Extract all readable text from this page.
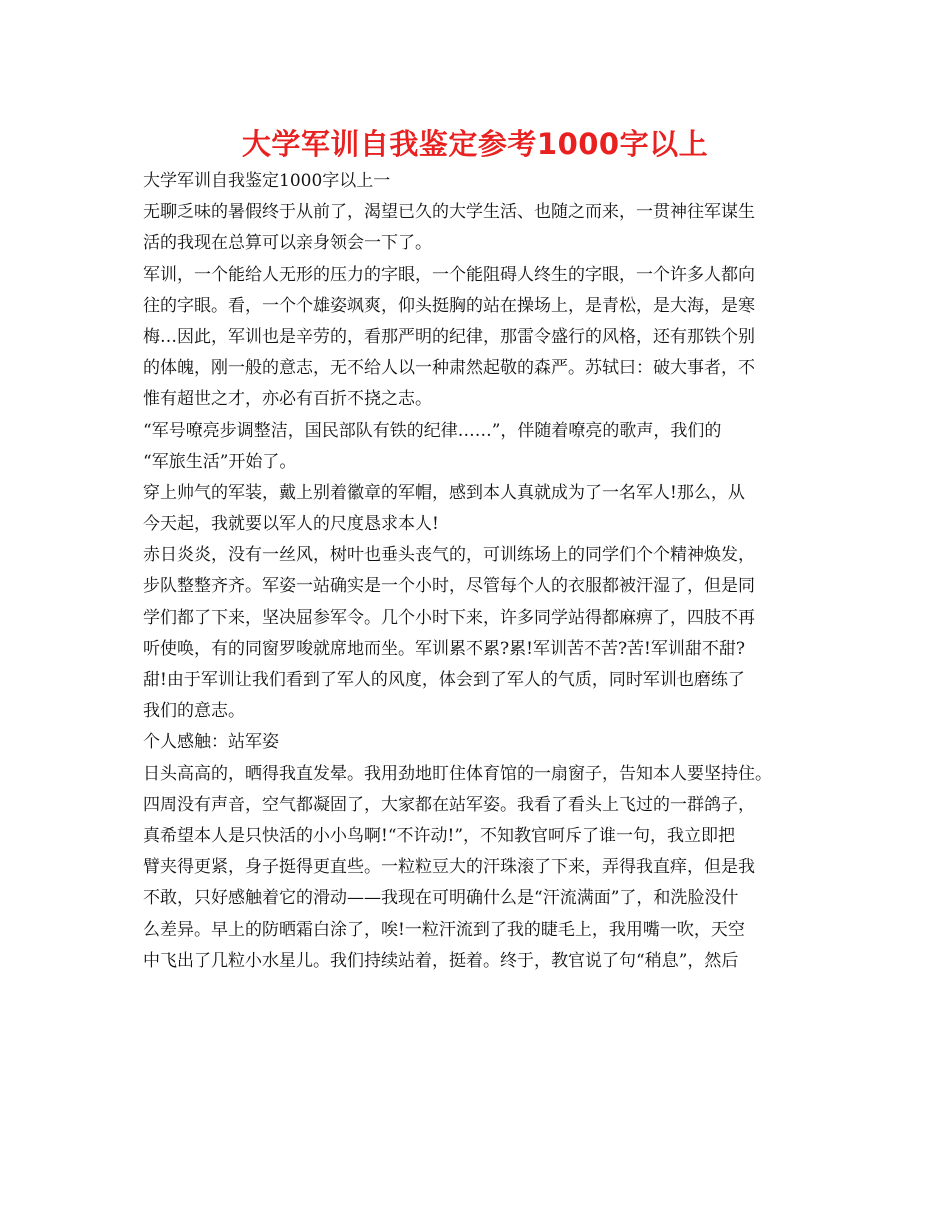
大学军训自我鉴定参考1000字以上
大学军训自我鉴定1000字以上一
无聊乏味的暑假终于从前了，渴望已久的大学生活、也随之而来，一贯神往军谋生
活的我现在总算可以亲身领会一下了。
军训，一个能给人无形的压力的字眼，一个能阻碍人终生的字眼，一个许多人都向
往的字眼。看，一个个雄姿飒爽，仰头挺胸的站在操场上，是青松，是大海，是寒
梅…因此，军训也是辛劳的，看那严明的纪律，那雷令盛行的风格，还有那铁个别
的体魄，刚一般的意志，无不给人以一种肃然起敬的森严。苏轼曰：破大事者，不
惟有超世之才，亦必有百折不挠之志。
“军号嘹亮步调整洁，国民部队有铁的纪律……”，伴随着嘹亮的歌声，我们的
“军旅生活”开始了。
穿上帅气的军装，戴上别着徽章的军帽，感到本人真就成为了一名军人!那么，从
今天起，我就要以军人的尺度恳求本人!
赤日炎炎，没有一丝风，树叶也垂头丧气的，可训练场上的同学们个个精神焕发，
步队整整齐齐。军姿一站确实是一个小时，尽管每个人的衣服都被汗湿了，但是同
学们都了下来，坚决屈参军令。几个小时下来，许多同学站得都麻痹了，四肢不再
听使唤，有的同窗罗唆就席地而坐。军训累不累?累!军训苦不苦?苦!军训甜不甜?
甜!由于军训让我们看到了军人的风度，体会到了军人的气质，同时军训也磨练了
我们的意志。
个人感触：站军姿
日头高高的，晒得我直发晕。我用劲地盯住体育馆的一扇窗子，告知本人要坚持住。
四周没有声音，空气都凝固了，大家都在站军姿。我看了看头上飞过的一群鸽子，
真希望本人是只快活的小小鸟啊!“不许动!”，不知教官呵斥了谁一句，我立即把
臂夹得更紧，身子挺得更直些。一粒粒豆大的汗珠滚了下来，弄得我直痒，但是我
不敢，只好感触着它的滑动——我现在可明确什么是“汗流满面”了，和洗脸没什
么差异。早上的防晒霜白涂了，唉!一粒汗流到了我的睫毛上，我用嘴一吹，天空
中飞出了几粒小水星儿。我们持续站着，挺着。终于，教官说了句“稍息”，然后
